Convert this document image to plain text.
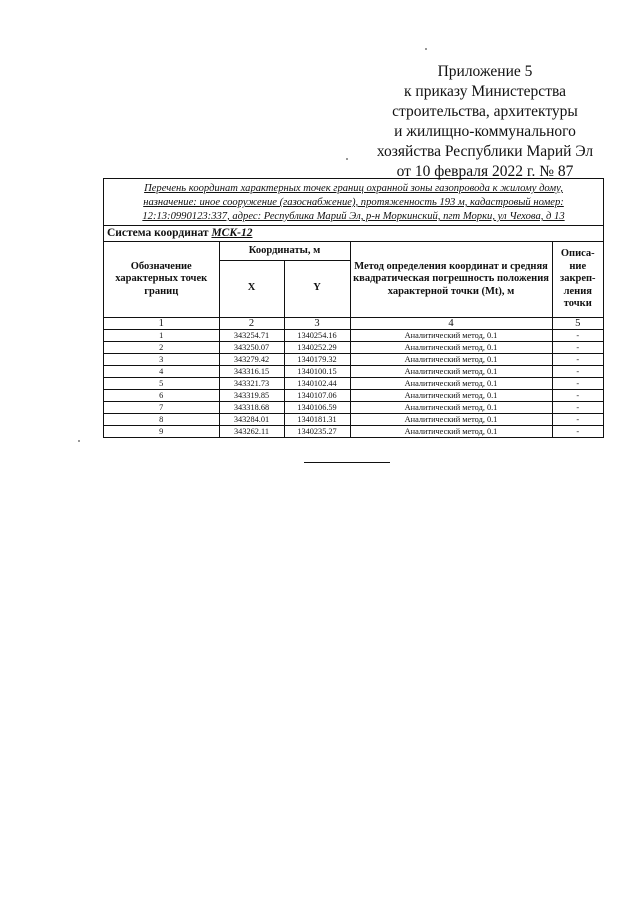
Приложение 5
к приказу Министерства
строительства, архитектуры
и жилищно-коммунального
хозяйства Республики Марий Эл
от 10 февраля 2022 г. № 87
Перечень координат характерных точек границ охранной зоны газопровода к жилому дому,
назначение: иное сооружение (газоснабжение), протяженность 193 м, кадастровый номер:
12:13:0990123:337, адрес: Республика Марий Эл, р-н Моркинский, пгт Морки, ул Чехова, д 13
Система координат МСК-12
Обозначение характерных точек границ	Координаты, м		Метод определения координат и средняя квадратическая погрешность положения характерной точки (Mt), м	Описа-ние закреп-ления точки
	X	Y		
1	2	3	4	5
1	343254.71	1340254.16	Аналитический метод, 0.1	-
2	343250.07	1340252.29	Аналитический метод, 0.1	-
3	343279.42	1340179.32	Аналитический метод, 0.1	-
4	343316.15	1340100.15	Аналитический метод, 0.1	-
5	343321.73	1340102.44	Аналитический метод, 0.1	-
6	343319.85	1340107.06	Аналитический метод, 0.1	-
7	343318.68	1340106.59	Аналитический метод, 0.1	-
8	343284.01	1340181.31	Аналитический метод, 0.1	-
9	343262.11	1340235.27	Аналитический метод, 0.1	-
